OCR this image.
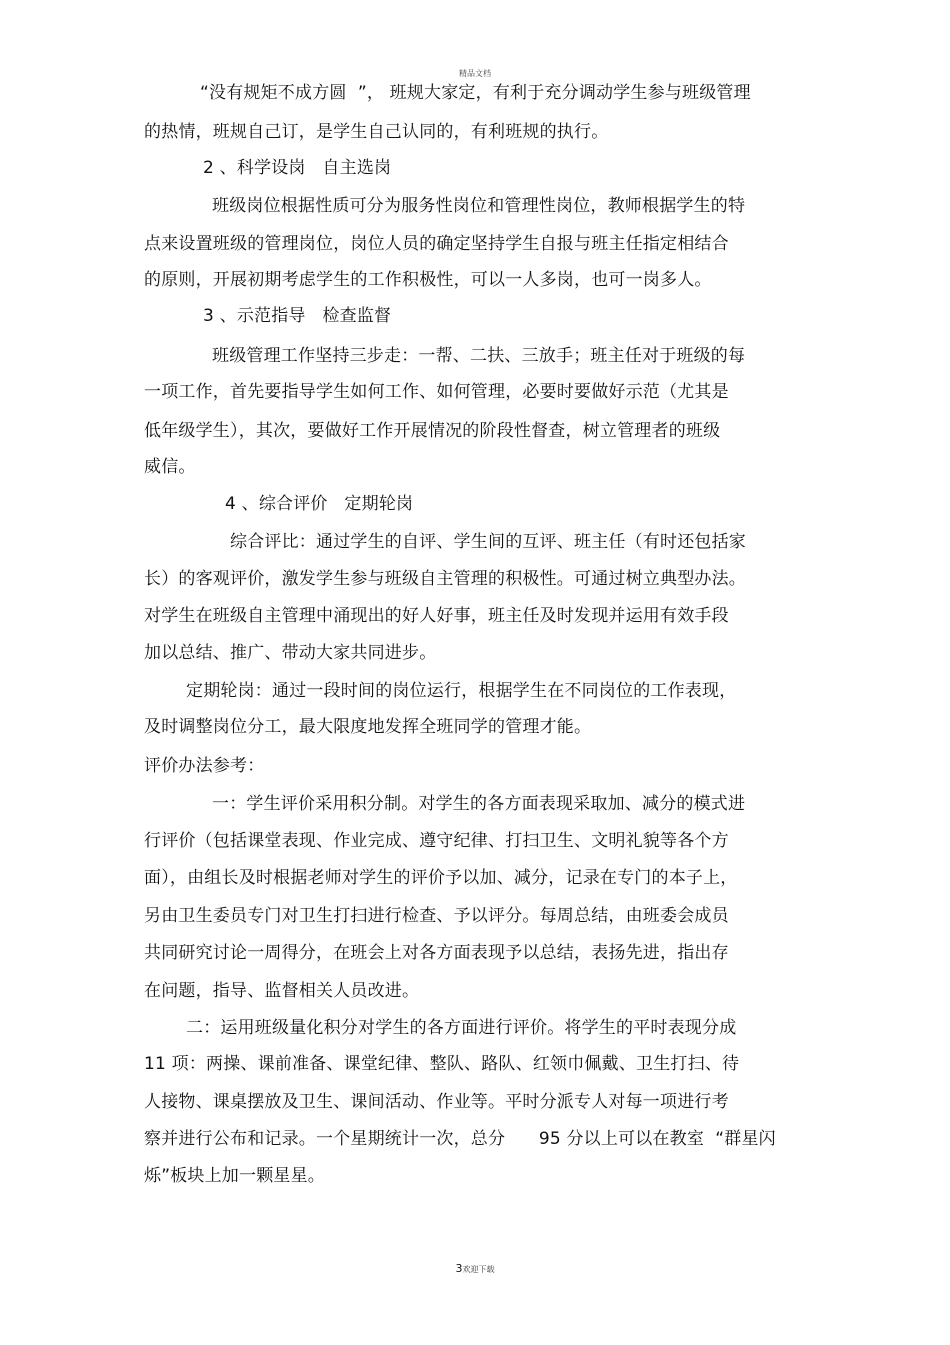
精品文档
“没有规矩不成方圆  ”， 班规大家定，有利于充分调动学生参与班级管理
的热情，班规自己订，是学生自己认同的，有利班规的执行。
2 、科学设岗   自主选岗
班级岗位根据性质可分为服务性岗位和管理性岗位，教师根据学生的特
点来设置班级的管理岗位，岗位人员的确定坚持学生自报与班主任指定相结合
的原则，开展初期考虑学生的工作积极性，可以一人多岗，也可一岗多人。
3 、示范指导   检查监督
班级管理工作坚持三步走：一帮、二扶、三放手；班主任对于班级的每
一项工作，首先要指导学生如何工作、如何管理，必要时要做好示范（尤其是
低年级学生），其次，要做好工作开展情况的阶段性督查，树立管理者的班级
威信。
4 、综合评价   定期轮岗
综合评比：通过学生的自评、学生间的互评、班主任（有时还包括家
长）的客观评价，激发学生参与班级自主管理的积极性。可通过树立典型办法。
对学生在班级自主管理中涌现出的好人好事，班主任及时发现并运用有效手段
加以总结、推广、带动大家共同进步。
定期轮岗：通过一段时间的岗位运行，根据学生在不同岗位的工作表现，
及时调整岗位分工，最大限度地发挥全班同学的管理才能。
评价办法参考：
一：学生评价采用积分制。对学生的各方面表现采取加、减分的模式进
行评价（包括课堂表现、作业完成、遵守纪律、打扫卫生、文明礼貌等各个方
面），由组长及时根据老师对学生的评价予以加、减分，记录在专门的本子上，
另由卫生委员专门对卫生打扫进行检查、予以评分。每周总结，由班委会成员
共同研究讨论一周得分，在班会上对各方面表现予以总结，表扬先进，指出存
在问题，指导、监督相关人员改进。
二：运用班级量化积分对学生的各方面进行评价。将学生的平时表现分成
11 项：两操、课前准备、课堂纪律、整队、路队、红领巾佩戴、卫生打扫、待
人接物、课桌摆放及卫生、课间活动、作业等。平时分派专人对每一项进行考
察并进行公布和记录。一个星期统计一次，总分      95 分以上可以在教室  “群星闪
烁”板块上加一颗星星。
3欢迎下载
